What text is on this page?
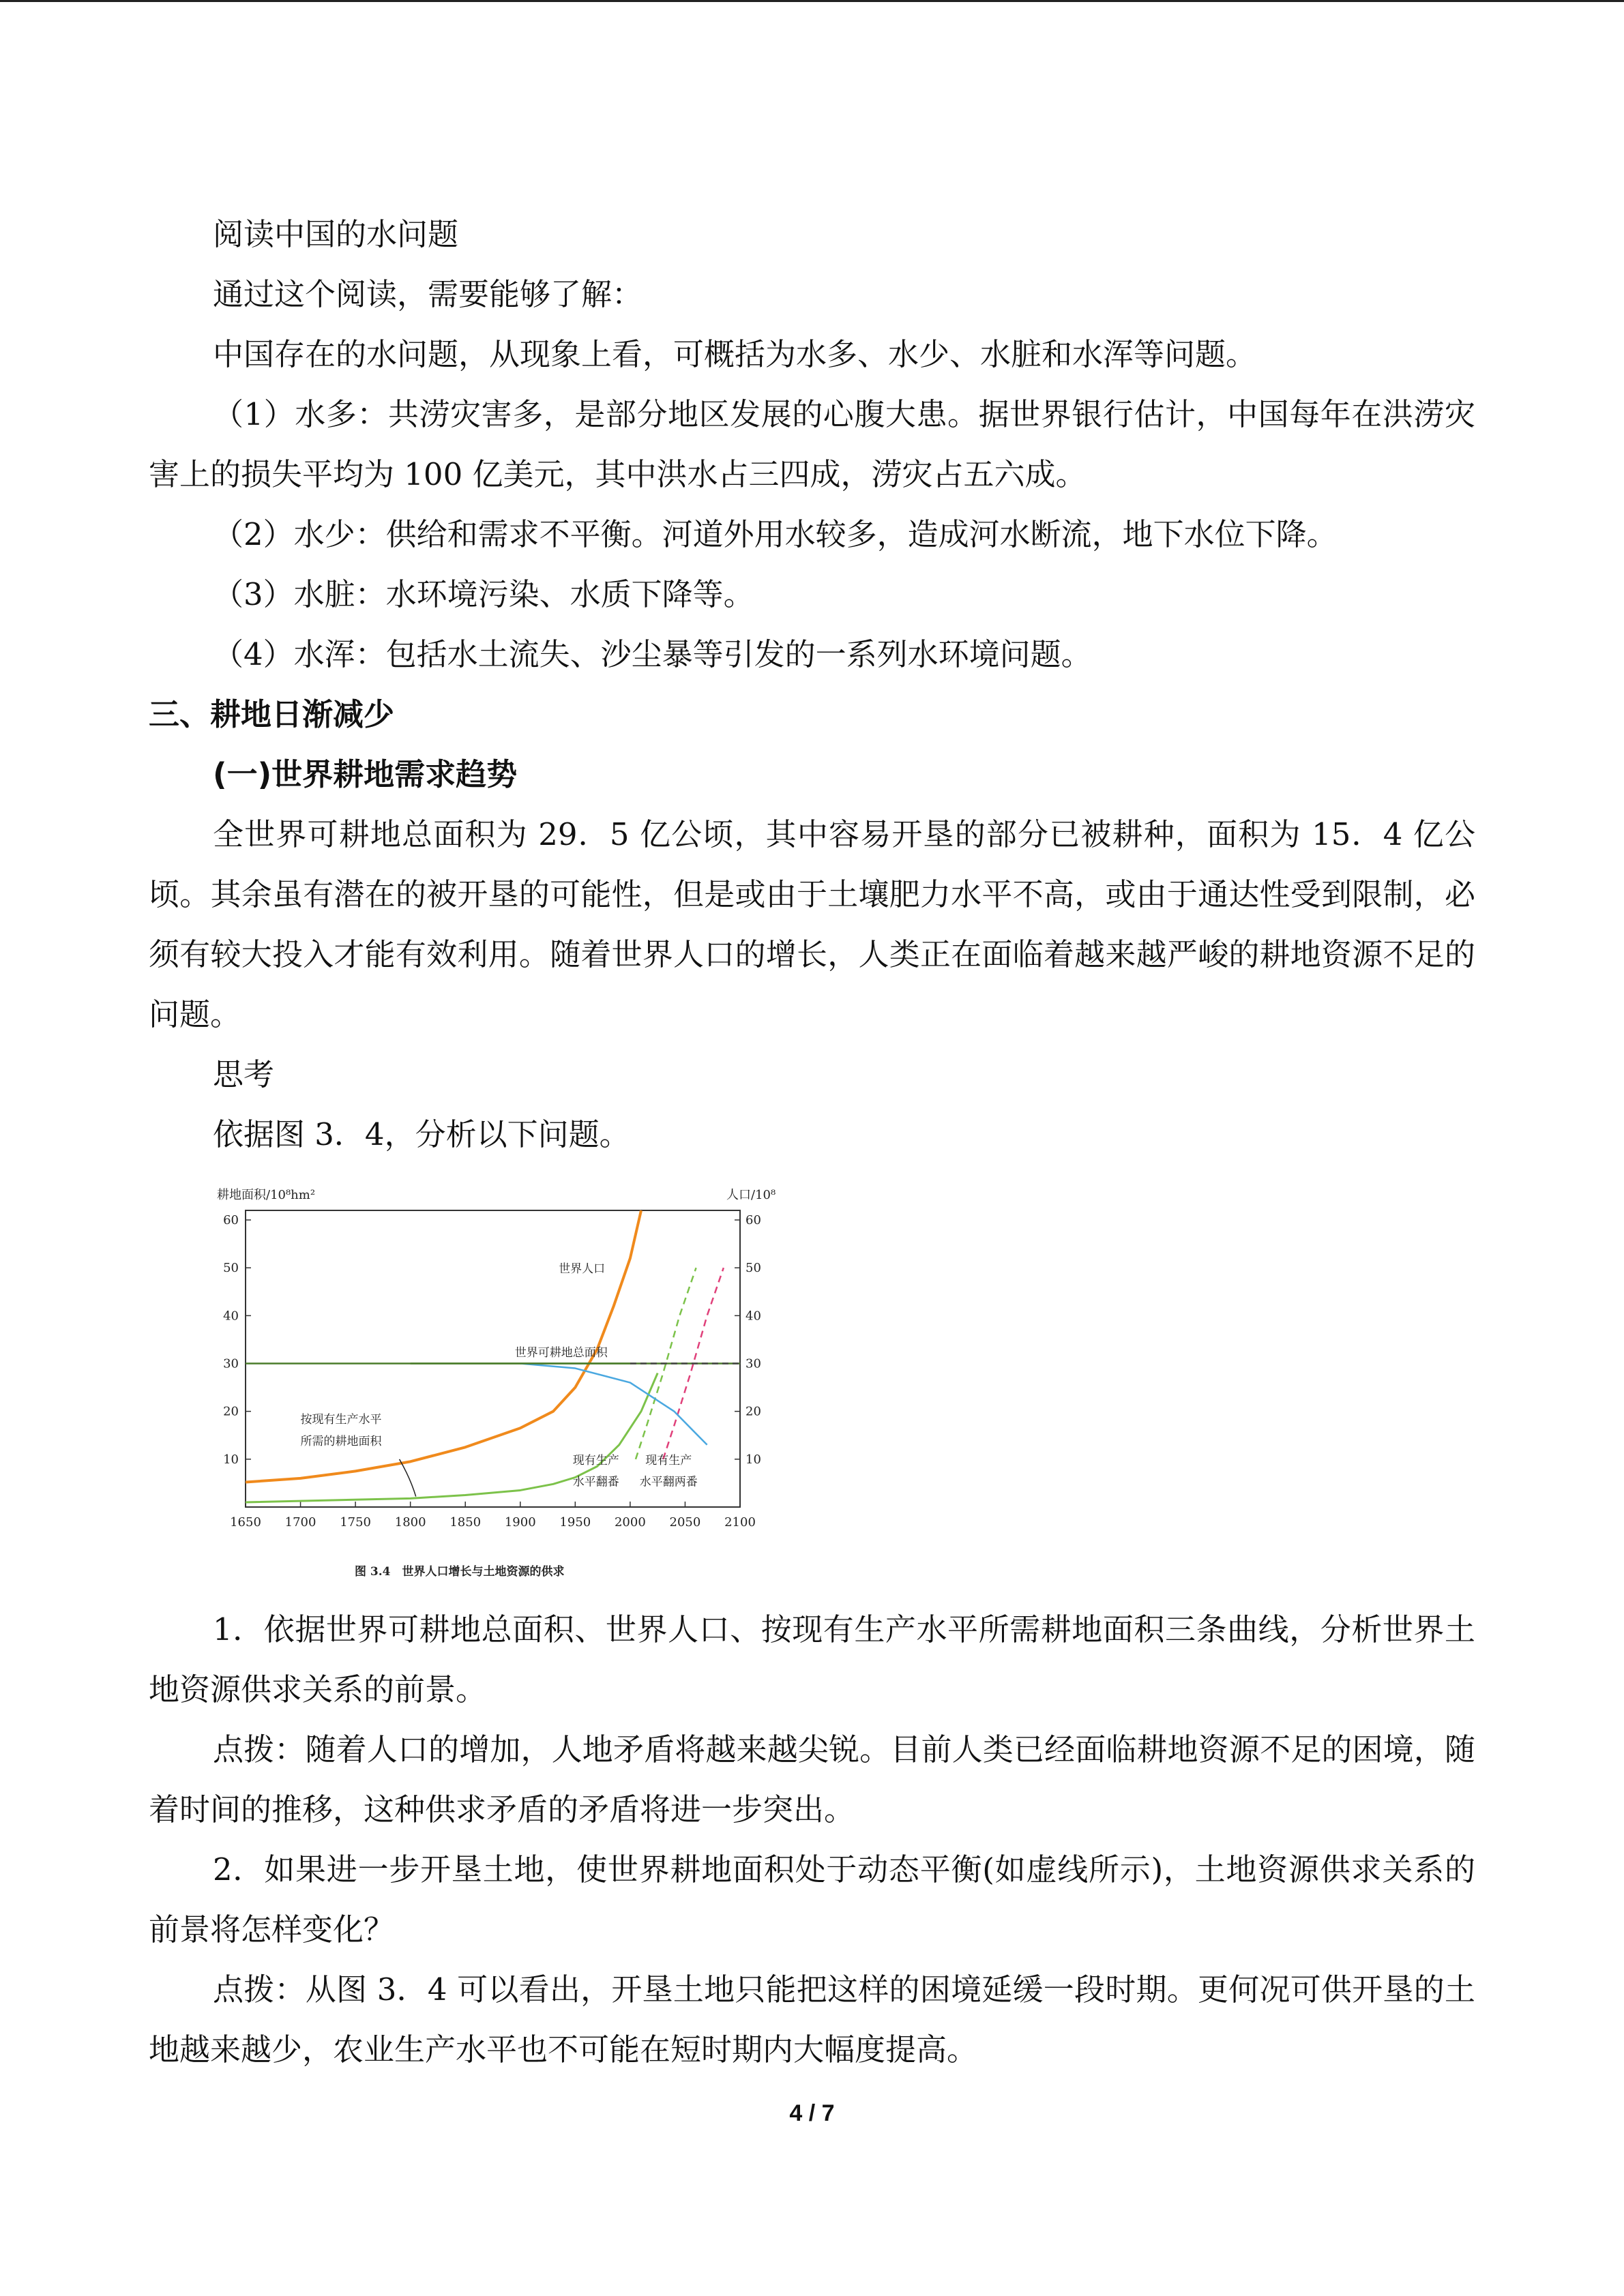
阅读中国的水问题

通过这个阅读，需要能够了解：

中国存在的水问题，从现象上看，可概括为水多、水少、水脏和水浑等问题。

（1）水多：共涝灾害多，是部分地区发展的心腹大患。据世界银行估计，中国每年在洪涝灾害上的损失平均为 100 亿美元，其中洪水占三四成，涝灾占五六成。

（2）水少：供给和需求不平衡。河道外用水较多，造成河水断流，地下水位下降。

（3）水脏：水环境污染、水质下降等。

（4）水浑：包括水土流失、沙尘暴等引发的一系列水环境问题。

三、耕地日渐减少

(一)世界耕地需求趋势

全世界可耕地总面积为 29．5 亿公顷，其中容易开垦的部分已被耕种，面积为 15．4 亿公顷。其余虽有潜在的被开垦的可能性，但是或由于土壤肥力水平不高，或由于通达性受到限制，必须有较大投入才能有效利用。随着世界人口的增长，人类正在面临着越来越严峻的耕地资源不足的问题。

思考

依据图 3．4，分析以下问题。

耕地面积/10⁸hm²	人口/10⁸
图 3.4　世界人口增长与土地资源的供求
1650 1700 1750 1800 1850 1900 1950 2000 2050 2100
10	10
20	20
30	30
40	40
50	50
60	60
世界人口
世界可耕地总面积
按现有生产水平
所需的耕地面积
现有生产
水平翻番
现有生产
水平翻两番

1．依据世界可耕地总面积、世界人口、按现有生产水平所需耕地面积三条曲线，分析世界土地资源供求关系的前景。

点拨：随着人口的增加，人地矛盾将越来越尖锐。目前人类已经面临耕地资源不足的困境，随着时间的推移，这种供求矛盾的矛盾将进一步突出。

2．如果进一步开垦土地，使世界耕地面积处于动态平衡(如虚线所示)，土地资源供求关系的前景将怎样变化？

点拨：从图 3．4 可以看出，开垦土地只能把这样的困境延缓一段时期。更何况可供开垦的土地越来越少，农业生产水平也不可能在短时期内大幅度提高。

4 / 7
